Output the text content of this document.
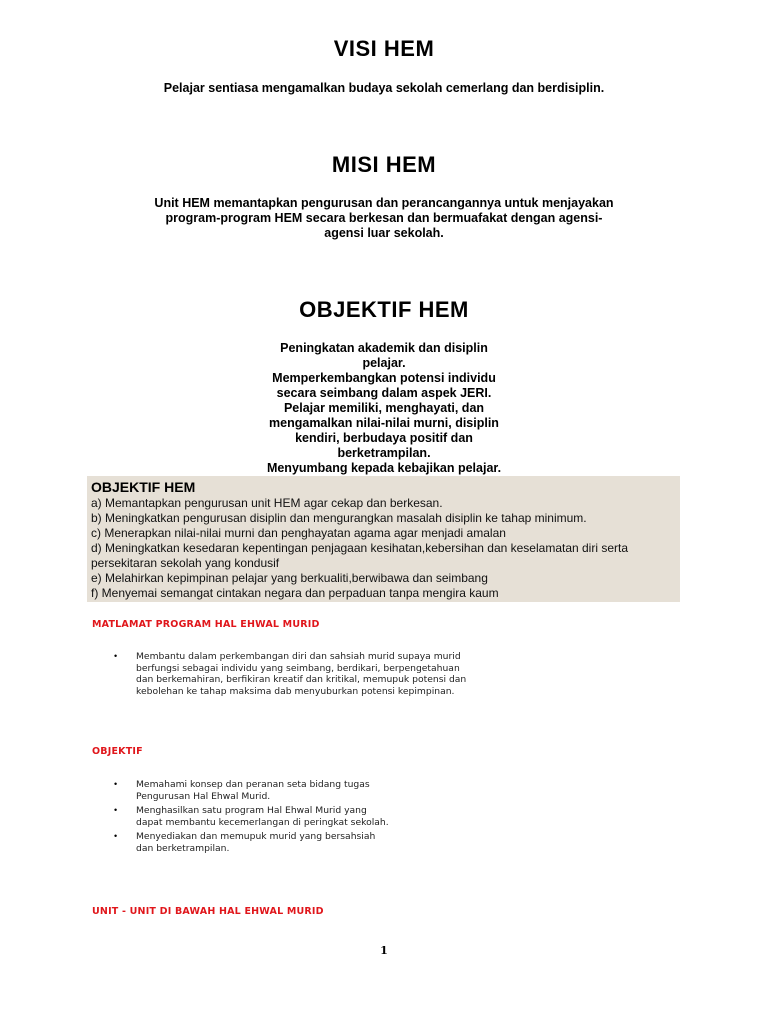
VISI HEM
Pelajar sentiasa mengamalkan budaya sekolah cemerlang dan berdisiplin.
MISI HEM
Unit HEM memantapkan pengurusan dan perancangannya untuk menjayakan
program-program HEM secara berkesan dan bermuafakat dengan agensi-
agensi luar sekolah.
OBJEKTIF HEM
Peningkatan akademik dan disiplin
pelajar.
Memperkembangkan potensi individu
secara seimbang dalam aspek JERI.
Pelajar memiliki, menghayati, dan
mengamalkan nilai-nilai murni, disiplin
kendiri, berbudaya positif dan
berketrampilan.
Menyumbang kepada kebajikan pelajar.
OBJEKTIF HEM
a) Memantapkan pengurusan unit HEM agar cekap dan berkesan.
b) Meningkatkan pengurusan disiplin dan mengurangkan masalah disiplin ke tahap minimum.
c) Menerapkan nilai-nilai murni dan penghayatan agama agar menjadi amalan
d) Meningkatkan kesedaran kepentingan penjagaan kesihatan,kebersihan dan keselamatan diri serta
persekitaran sekolah yang kondusif
e) Melahirkan kepimpinan pelajar yang berkualiti,berwibawa dan seimbang
f) Menyemai semangat cintakan negara dan perpaduan tanpa mengira kaum
MATLAMAT PROGRAM HAL EHWAL MURID
• Membantu dalam perkembangan diri dan sahsiah murid supaya murid
berfungsi sebagai individu yang seimbang, berdikari, berpengetahuan
dan berkemahiran, berfikiran kreatif dan kritikal, memupuk potensi dan
kebolehan ke tahap maksima dab menyuburkan potensi kepimpinan.
OBJEKTIF
• Memahami konsep dan peranan seta bidang tugas
Pengurusan Hal Ehwal Murid.
• Menghasilkan satu program Hal Ehwal Murid yang
dapat membantu kecemerlangan di peringkat sekolah.
• Menyediakan dan memupuk murid yang bersahsiah
dan berketrampilan.
UNIT - UNIT DI BAWAH HAL EHWAL MURID
1
